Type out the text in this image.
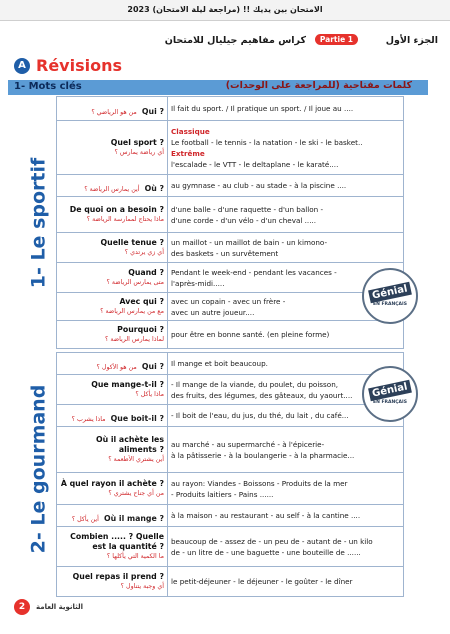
الامتحان بين يديك !! (مراجعة ليلة الامتحان) 2023
الجزء الأول
Partie 1
كراس مفاهيم جيليال للامتحان
A Révisions
1- Mots clés	كلمات مفتاحية (للمراجعة على الوحدات)
1- Le sportif
من هو الرياضي ؟ Qui ?	Il fait du sport. / Il pratique un sport. / Il joue au ....

Quel sport ?
أي رياضة يمارس ؟	Classique
Le football - le tennis - la natation - le ski - le basket..
Extrême
l'escalade - le VTT - le deltaplane - le karaté....

أين يمارس الرياضة ؟ Où ?	au gymnase - au club - au stade - à la piscine ....

De quoi on a besoin ?
ماذا يحتاج لممارسة الرياضة ؟	d'une balle - d'une raquette - d'un ballon -
d'une corde - d'un vélo - d'un cheval .....

Quelle tenue ?
أي زي يرتدي ؟	un maillot - un maillot de bain - un kimono-
des baskets - un survêtement

Quand ?
متى يمارس الرياضة ؟	Pendant le week-end - pendant les vacances -
l'après-midi.....

Avec qui ?
مع من يمارس الرياضة ؟	avec un copain - avec un frère -
avec un autre joueur....

Pourquoi ?
لماذا يمارس الرياضة ؟	pour être en bonne santé. (en pleine forme)
2- Le gourmand
من هو الأكول ؟ Qui ?	Il mange et boit beaucoup.

Que mange-t-il ?
ماذا يأكل ؟	- Il mange de la viande, du poulet, du poisson,
des fruits, des légumes, des gâteaux, du yaourt....

ماذا يشرب ؟ Que boit-il ?	- Il boit de l'eau, du jus, du thé, du lait , du café...

Où il achète les aliments ?
أين يشتري الأطعمة ؟	au marché - au supermarché - à l'épicerie-
à la pâtisserie - à la boulangerie - à la pharmacie...

À quel rayon il achète ?
من أي جناح يشتري ؟	au rayon: Viandes - Boissons - Produits de la mer
- Produits laitiers - Pains ......

أين يأكل ؟ Où il mange ?	à la maison - au restaurant - au self - à la cantine ....

Combien ..... ? Quelle est la quantité ?
ما الكمية التي يأكلها ؟	beaucoup de - assez de - un peu de - autant de - un kilo
de - un litre de - une baguette - une bouteille de ......

Quel repas il prend ?
أي وجبة يتناول ؟	le petit-déjeuner - le déjeuner - le goûter - le dîner
Génial
EN FRANÇAIS
Génial
EN FRANÇAIS
2	الثانوية العامة
